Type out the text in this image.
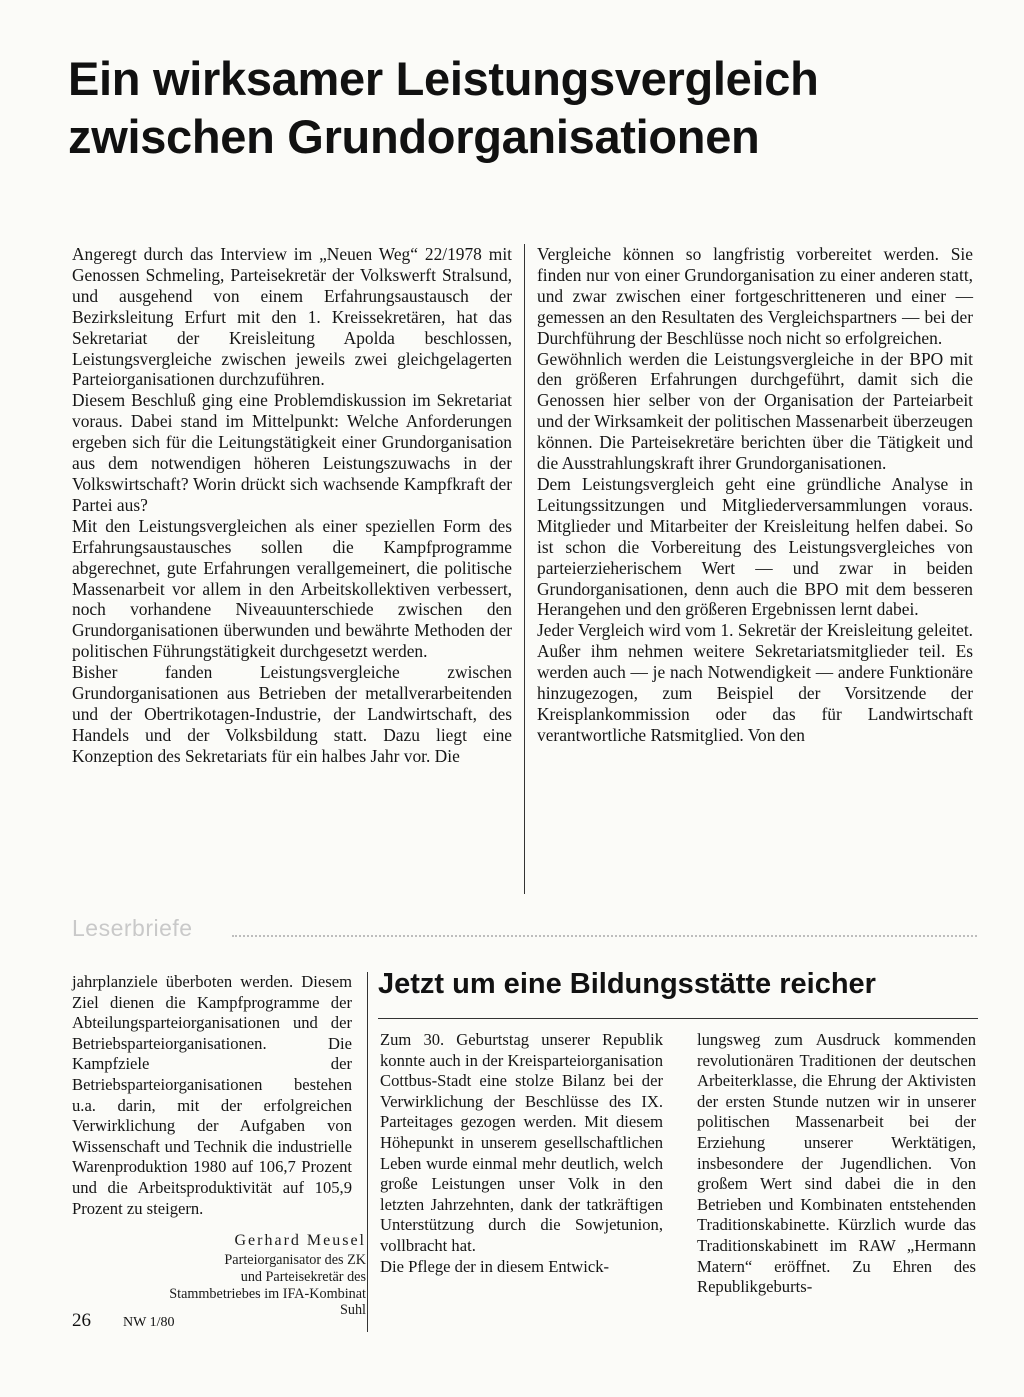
Ein wirksamer Leistungsvergleich
zwischen Grundorganisationen

Angeregt durch das Interview im „Neuen Weg“ 22/1978 mit Genossen Schmeling, Parteisekretär der Volkswerft Stralsund, und ausgehend von einem Erfahrungsaustausch der Bezirksleitung Erfurt mit den 1. Kreissekretären, hat das Sekretariat der Kreisleitung Apolda beschlossen, Leistungsvergleiche zwischen jeweils zwei gleichgelagerten Parteiorganisationen durchzuführen.

Diesem Beschluß ging eine Problemdiskussion im Sekretariat voraus. Dabei stand im Mittelpunkt: Welche Anforderungen ergeben sich für die Leitungstätigkeit einer Grundorganisation aus dem notwendigen höheren Leistungszuwachs in der Volkswirtschaft? Worin drückt sich wachsende Kampfkraft der Partei aus?

Mit den Leistungsvergleichen als einer speziellen Form des Erfahrungsaustausches sollen die Kampfprogramme abgerechnet, gute Erfahrungen verallgemeinert, die politische Massenarbeit vor allem in den Arbeitskollektiven verbessert, noch vorhandene Niveauunterschiede zwischen den Grundorganisationen überwunden und bewährte Methoden der politischen Führungstätigkeit durchgesetzt werden.

Bisher fanden Leistungsvergleiche zwischen Grundorganisationen aus Betrieben der metallverarbeitenden und der Obertrikotagen-Industrie, der Landwirtschaft, des Handels und der Volksbildung statt. Dazu liegt eine Konzeption des Sekretariats für ein halbes Jahr vor. Die

Vergleiche können so langfristig vorbereitet werden. Sie finden nur von einer Grundorganisation zu einer anderen statt, und zwar zwischen einer fortgeschritteneren und einer — gemessen an den Resultaten des Vergleichspartners — bei der Durchführung der Beschlüsse noch nicht so erfolgreichen.

Gewöhnlich werden die Leistungsvergleiche in der BPO mit den größeren Erfahrungen durchgeführt, damit sich die Genossen hier selber von der Organisation der Parteiarbeit und der Wirksamkeit der politischen Massenarbeit überzeugen können. Die Parteisekretäre berichten über die Tätigkeit und die Ausstrahlungskraft ihrer Grundorganisationen.

Dem Leistungsvergleich geht eine gründliche Analyse in Leitungssitzungen und Mitgliederversammlungen voraus. Mitglieder und Mitarbeiter der Kreisleitung helfen dabei. So ist schon die Vorbereitung des Leistungsvergleiches von parteierzieherischem Wert — und zwar in beiden Grundorganisationen, denn auch die BPO mit dem besseren Herangehen und den größeren Ergebnissen lernt dabei.

Jeder Vergleich wird vom 1. Sekretär der Kreisleitung geleitet. Außer ihm nehmen weitere Sekretariatsmitglieder teil. Es werden auch — je nach Notwendigkeit — andere Funktionäre hinzugezogen, zum Beispiel der Vorsitzende der Kreisplankommission oder das für Landwirtschaft verantwortliche Ratsmitglied. Von den

Leserbriefe

jahrplanziele überboten werden. Diesem Ziel dienen die Kampfprogramme der Abteilungsparteiorganisationen und der Betriebsparteiorganisationen. Die Kampfziele der Betriebsparteiorganisationen bestehen u.a. darin, mit der erfolgreichen Verwirklichung der Aufgaben von Wissenschaft und Technik die industrielle Warenproduktion 1980 auf 106,7 Prozent und die Arbeitsproduktivität auf 105,9 Prozent zu steigern.

Gerhard Meusel

Parteiorganisator des ZK
und Parteisekretär des
Stammbetriebes im IFA-Kombinat Suhl

Jetzt um eine Bildungsstätte reicher

Zum 30. Geburtstag unserer Republik konnte auch in der Kreisparteiorganisation Cottbus-Stadt eine stolze Bilanz bei der Verwirklichung der Beschlüsse des IX. Parteitages gezogen werden. Mit diesem Höhepunkt in unserem gesellschaftlichen Leben wurde einmal mehr deutlich, welch große Leistungen unser Volk in den letzten Jahrzehnten, dank der tatkräftigen Unterstützung durch die Sowjetunion, vollbracht hat.

Die Pflege der in diesem Entwick-

lungsweg zum Ausdruck kommenden revolutionären Traditionen der deutschen Arbeiterklasse, die Ehrung der Aktivisten der ersten Stunde nutzen wir in unserer politischen Massenarbeit bei der Erziehung unserer Werktätigen, insbesondere der Jugendlichen. Von großem Wert sind dabei die in den Betrieben und Kombinaten entstehenden Traditionskabinette. Kürzlich wurde das Traditionskabinett im RAW „Hermann Matern“ eröffnet. Zu Ehren des Republikgeburts-

26 NW 1/80
